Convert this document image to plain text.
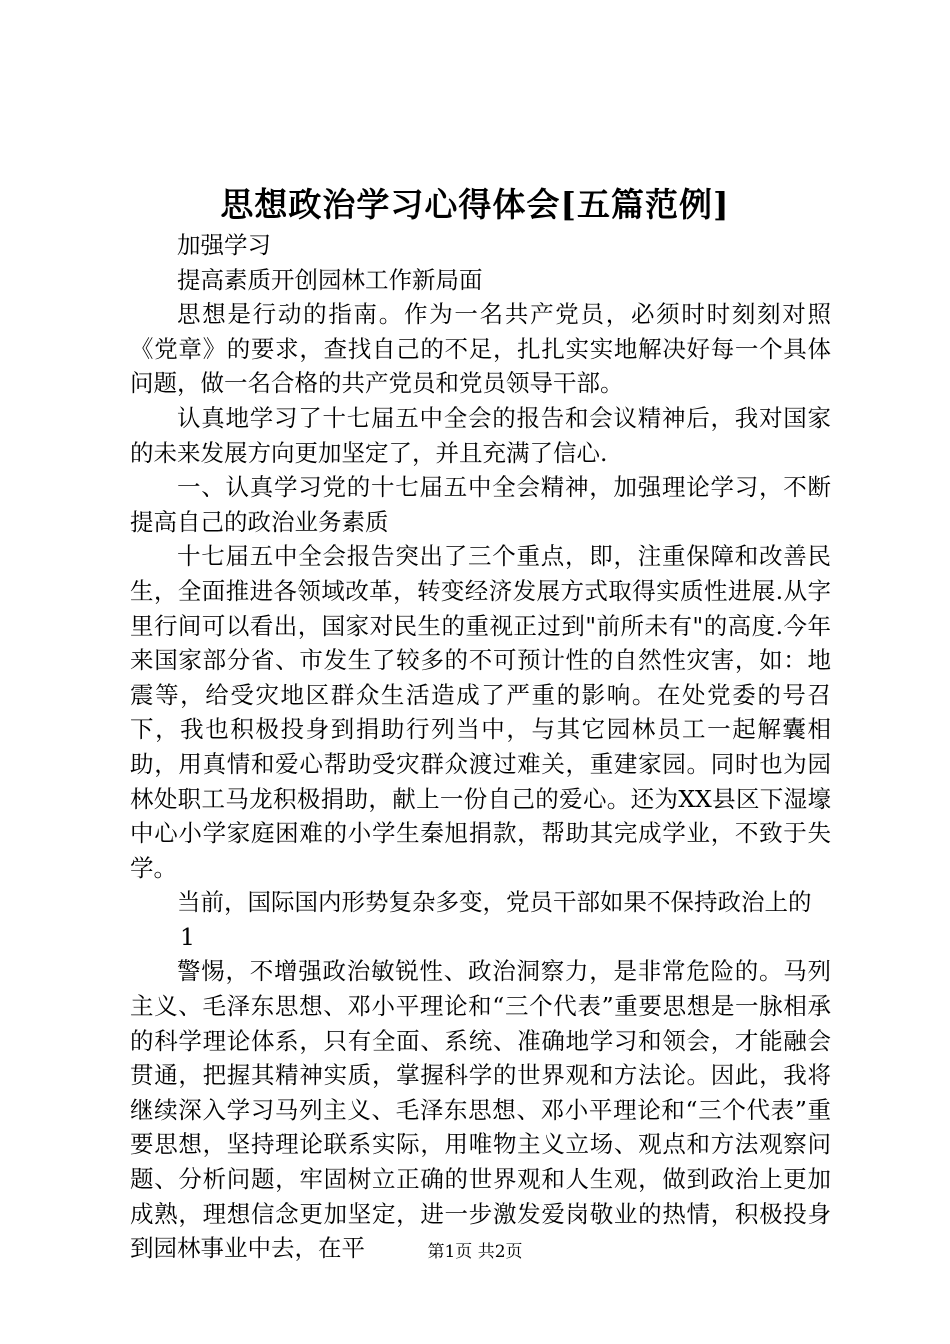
思想政治学习心得体会[五篇范例]

加强学习

提高素质开创园林工作新局面

思想是行动的指南。作为一名共产党员，必须时时刻刻对照《党章》的要求，查找自己的不足，扎扎实实地解决好每一个具体问题，做一名合格的共产党员和党员领导干部。

认真地学习了十七届五中全会的报告和会议精神后，我对国家的未来发展方向更加坚定了，并且充满了信心.

一、认真学习党的十七届五中全会精神，加强理论学习，不断提高自己的政治业务素质

十七届五中全会报告突出了三个重点，即，注重保障和改善民生，全面推进各领域改革，转变经济发展方式取得实质性进展.从字里行间可以看出，国家对民生的重视正过到"前所未有"的高度.今年来国家部分省、市发生了较多的不可预计性的自然性灾害，如：地震等，给受灾地区群众生活造成了严重的影响。在处党委的号召下，我也积极投身到捐助行列当中，与其它园林员工一起解囊相助，用真情和爱心帮助受灾群众渡过难关，重建家园。同时也为园林处职工马龙积极捐助，献上一份自己的爱心。还为XX县区下湿壕中心小学家庭困难的小学生秦旭捐款，帮助其完成学业，不致于失学。

当前，国际国内形势复杂多变，党员干部如果不保持政治上的

1

警惕，不增强政治敏锐性、政治洞察力，是非常危险的。马列主义、毛泽东思想、邓小平理论和“三个代表”重要思想是一脉相承的科学理论体系，只有全面、系统、准确地学习和领会，才能融会贯通，把握其精神实质，掌握科学的世界观和方法论。因此，我将继续深入学习马列主义、毛泽东思想、邓小平理论和“三个代表”重要思想，坚持理论联系实际，用唯物主义立场、观点和方法观察问题、分析问题，牢固树立正确的世界观和人生观，做到政治上更加成熟，理想信念更加坚定，进一步激发爱岗敬业的热情，积极投身到园林事业中去，在平	第1页 共2页
